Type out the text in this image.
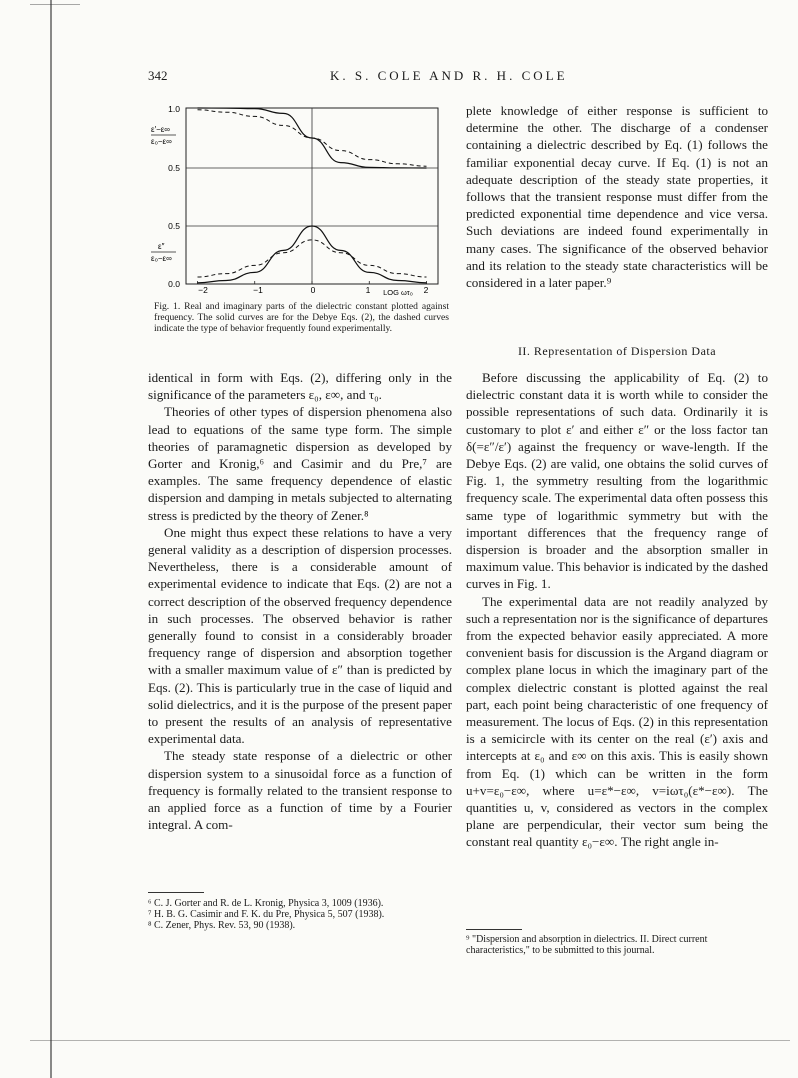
342	K. S. COLE AND R. H. COLE
1.0
0.5
0.5
0.0
ε′−ε∞
ε₀−ε∞
ε″
ε₀−ε∞
−2	−1	0	1	2
LOG ωτ₀
Fig. 1. Real and imaginary parts of the dielectric constant plotted against frequency. The solid curves are for the Debye Eqs. (2), the dashed curves indicate the type of behavior frequently found experimentally.

identical in form with Eqs. (2), differing only in the significance of the parameters ε₀, ε∞, and τ₀.

Theories of other types of dispersion phenomena also lead to equations of the same type form. The simple theories of paramagnetic dispersion as developed by Gorter and Kronig,⁶ and Casimir and du Pre,⁷ are examples. The same frequency dependence of elastic dispersion and damping in metals subjected to alternating stress is predicted by the theory of Zener.⁸

One might thus expect these relations to have a very general validity as a description of dispersion processes. Nevertheless, there is a considerable amount of experimental evidence to indicate that Eqs. (2) are not a correct description of the observed frequency dependence in such processes. The observed behavior is rather generally found to consist in a considerably broader frequency range of dispersion and absorption together with a smaller maximum value of ε″ than is predicted by Eqs. (2). This is particularly true in the case of liquid and solid dielectrics, and it is the purpose of the present paper to present the results of an analysis of representative experimental data.

The steady state response of a dielectric or other dispersion system to a sinusoidal force as a function of frequency is formally related to the transient response to an applied force as a function of time by a Fourier integral. A com-

⁶ C. J. Gorter and R. de L. Kronig, Physica 3, 1009 (1936).
⁷ H. B. G. Casimir and F. K. du Pre, Physica 5, 507 (1938).
⁸ C. Zener, Phys. Rev. 53, 90 (1938).

plete knowledge of either response is sufficient to determine the other. The discharge of a condenser containing a dielectric described by Eq. (1) follows the familiar exponential decay curve. If Eq. (1) is not an adequate description of the steady state properties, it follows that the transient response must differ from the predicted exponential time dependence and vice versa. Such deviations are indeed found experimentally in many cases. The significance of the observed behavior and its relation to the steady state characteristics will be considered in a later paper.⁹

II. Representation of Dispersion Data

Before discussing the applicability of Eq. (2) to dielectric constant data it is worth while to consider the possible representations of such data. Ordinarily it is customary to plot ε′ and either ε″ or the loss factor tan δ(=ε″/ε′) against the frequency or wave-length. If the Debye Eqs. (2) are valid, one obtains the solid curves of Fig. 1, the symmetry resulting from the logarithmic frequency scale. The experimental data often possess this same type of logarithmic symmetry but with the important differences that the frequency range of dispersion is broader and the absorption smaller in maximum value. This behavior is indicated by the dashed curves in Fig. 1.

The experimental data are not readily analyzed by such a representation nor is the significance of departures from the expected behavior easily appreciated. A more convenient basis for discussion is the Argand diagram or complex plane locus in which the imaginary part of the complex dielectric constant is plotted against the real part, each point being characteristic of one frequency of measurement. The locus of Eqs. (2) in this representation is a semicircle with its center on the real (ε′) axis and intercepts at ε₀ and ε∞ on this axis. This is easily shown from Eq. (1) which can be written in the form u+v=ε₀−ε∞, where u=ε*−ε∞, v=iωτ₀(ε*−ε∞). The quantities u, v, considered as vectors in the complex plane are perpendicular, their vector sum being the constant real quantity ε₀−ε∞. The right angle in-

⁹ "Dispersion and absorption in dielectrics. II. Direct current characteristics," to be submitted to this journal.
